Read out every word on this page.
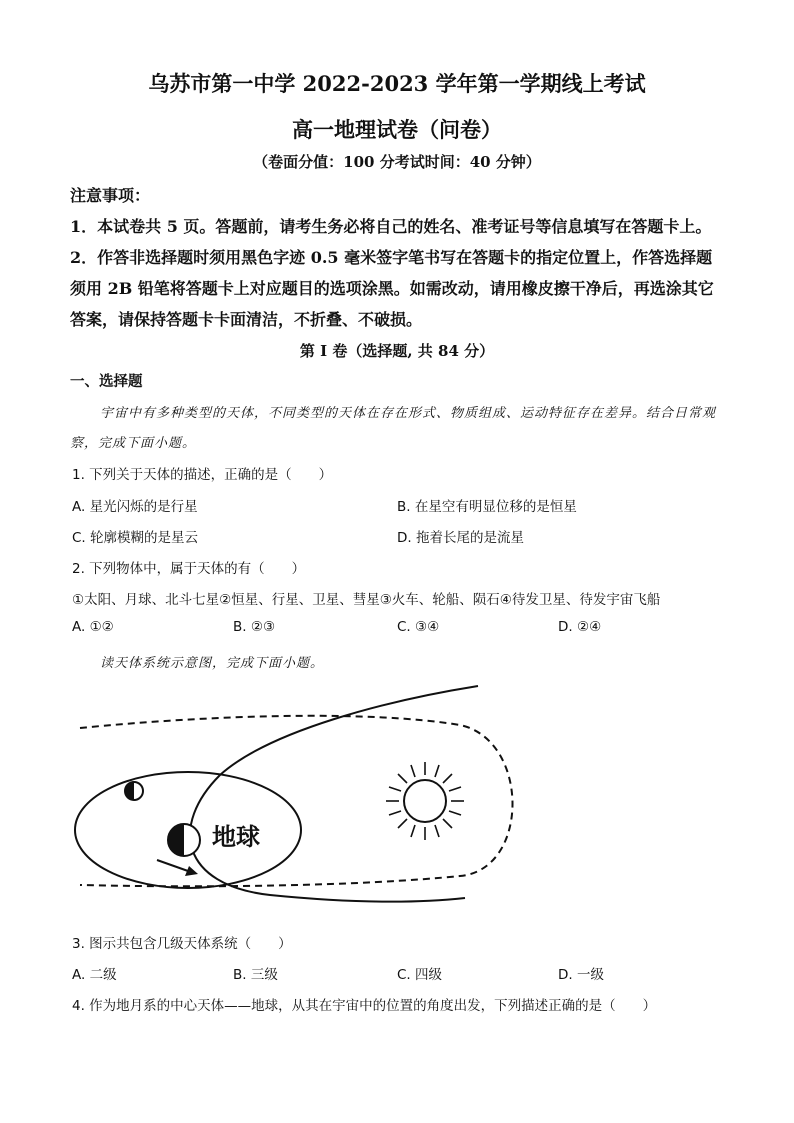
乌苏市第一中学 2022-2023 学年第一学期线上考试
高一地理试卷（问卷）
（卷面分值：100 分考试时间：40 分钟）
注意事项：
1．本试卷共 5 页。答题前，请考生务必将自己的姓名、准考证号等信息填写在答题卡上。
2．作答非选择题时须用黑色字迹 0.5 毫米签字笔书写在答题卡的指定位置上，作答选择题
须用 2B 铅笔将答题卡上对应题目的选项涂黑。如需改动，请用橡皮擦干净后，再选涂其它
答案，请保持答题卡卡面清洁，不折叠、不破损。
第 I 卷（选择题, 共 84 分）
一、选择题
宇宙中有多种类型的天体，不同类型的天体在存在形式、物质组成、运动特征存在差异。结合日常观
察，完成下面小题。
1. 下列关于天体的描述，正确的是（　　）
A. 星光闪烁的是行星	B. 在星空有明显位移的是恒星
C. 轮廓模糊的是星云	D. 拖着长尾的是流星
2. 下列物体中，属于天体的有（　　）
①太阳、月球、北斗七星②恒星、行星、卫星、彗星③火车、轮船、陨石④待发卫星、待发宇宙飞船
A. ①②	B. ②③	C. ③④	D. ②④
读天体系统示意图，完成下面小题。
地球
3. 图示共包含几级天体系统（　　）
A. 二级	B. 三级	C. 四级	D. 一级
4. 作为地月系的中心天体——地球，从其在宇宙中的位置的角度出发，下列描述正确的是（　　）
